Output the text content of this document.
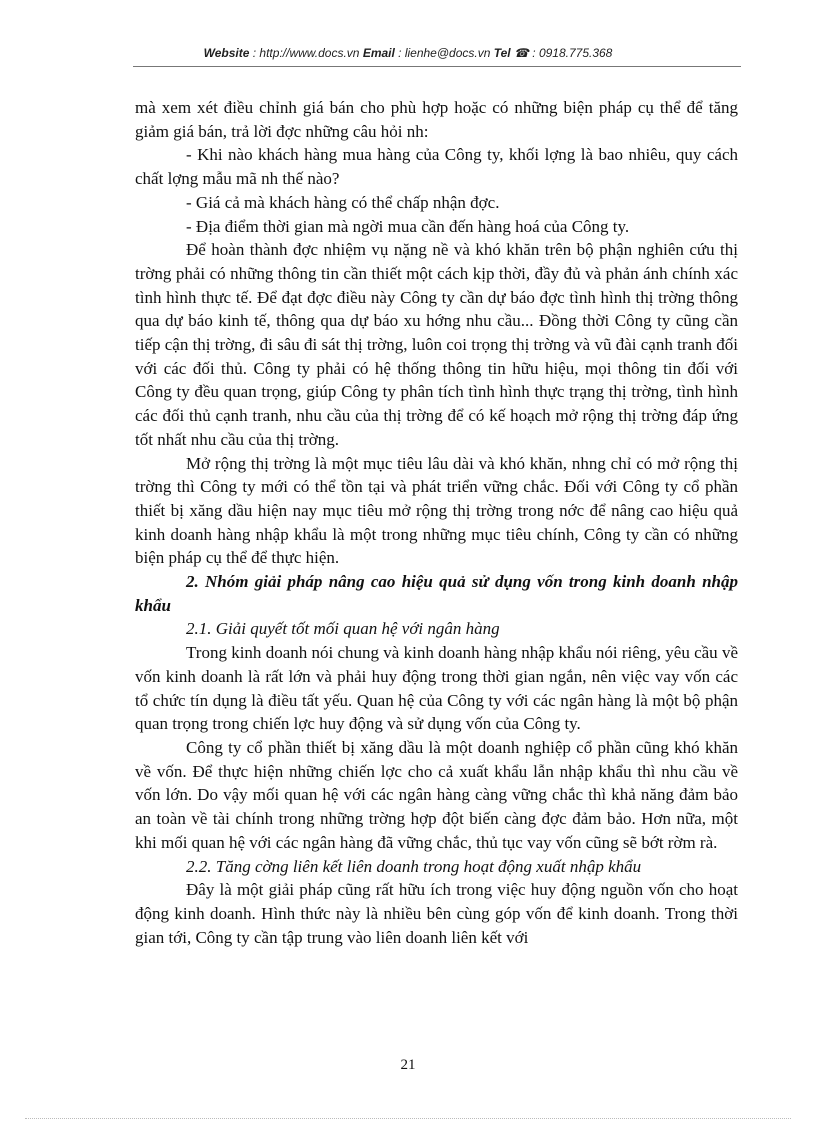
Website : http://www.docs.vn Email : lienhe@docs.vn Tel ☎ : 0918.775.368

mà xem xét điều chỉnh giá bán cho phù hợp hoặc có những biện pháp cụ thể để tăng giảm giá bán, trả lời đợc những câu hỏi nh:

- Khi nào khách hàng mua hàng của Công ty, khối lợng là bao nhiêu, quy cách chất lợng mẫu mã nh thế nào?

- Giá cả mà khách hàng có thể chấp nhận đợc.

- Địa điểm thời gian mà ngời mua cần đến hàng hoá của Công ty.

Để hoàn thành đợc nhiệm vụ nặng nề và khó khăn trên bộ phận nghiên cứu thị trờng phải có những thông tin cần thiết một cách kịp thời, đầy đủ và phản ánh chính xác tình hình thực tế. Để đạt đợc điều này Công ty cần dự báo đợc tình hình thị trờng thông qua dự báo kinh tế, thông qua dự báo xu hớng nhu cầu... Đồng thời Công ty cũng cần tiếp cận thị trờng, đi sâu đi sát thị trờng, luôn coi trọng thị trờng và vũ đài cạnh tranh đối với các đối thủ. Công ty phải có hệ thống thông tin hữu hiệu, mọi thông tin đối với Công ty đều quan trọng, giúp Công ty phân tích tình hình thực trạng thị trờng, tình hình các đối thủ cạnh tranh, nhu cầu của thị trờng để có kế hoạch mở rộng thị trờng đáp ứng tốt nhất nhu cầu của thị trờng.

Mở rộng thị trờng là một mục tiêu lâu dài và khó khăn, nhng chỉ có mở rộng thị trờng thì Công ty mới có thể tồn tại và phát triển vững chắc. Đối với Công ty cổ phần thiết bị xăng dầu hiện nay mục tiêu mở rộng thị trờng trong nớc để nâng cao hiệu quả kinh doanh hàng nhập khẩu là một trong những mục tiêu chính, Công ty cần có những biện pháp cụ thể để thực hiện.

2. Nhóm giải pháp nâng cao hiệu quả sử dụng vốn trong kinh doanh nhập khẩu

2.1. Giải quyết tốt mối quan hệ với ngân hàng

Trong kinh doanh nói chung và kinh doanh hàng nhập khẩu nói riêng, yêu cầu về vốn kinh doanh là rất lớn và phải huy động trong thời gian ngắn, nên việc vay vốn các tổ chức tín dụng là điều tất yếu. Quan hệ của Công ty với các ngân hàng là một bộ phận quan trọng trong chiến lợc huy động và sử dụng vốn của Công ty.

Công ty cổ phần thiết bị xăng dầu là một doanh nghiệp cổ phần cũng khó khăn về vốn. Để thực hiện những chiến lợc cho cả xuất khẩu lẫn nhập khẩu thì nhu cầu về vốn lớn. Do vậy mối quan hệ với các ngân hàng càng vững chắc thì khả năng đảm bảo an toàn về tài chính trong những trờng hợp đột biến càng đợc đảm bảo. Hơn nữa, một khi mối quan hệ với các ngân hàng đã vững chắc, thủ tục vay vốn cũng sẽ bớt rờm rà.

2.2. Tăng cờng liên kết liên doanh trong hoạt động xuất nhập khẩu

Đây là một giải pháp cũng rất hữu ích trong việc huy động nguồn vốn cho hoạt động kinh doanh. Hình thức này là nhiều bên cùng góp vốn để kinh doanh. Trong thời gian tới, Công ty cần tập trung vào liên doanh liên kết với

21
